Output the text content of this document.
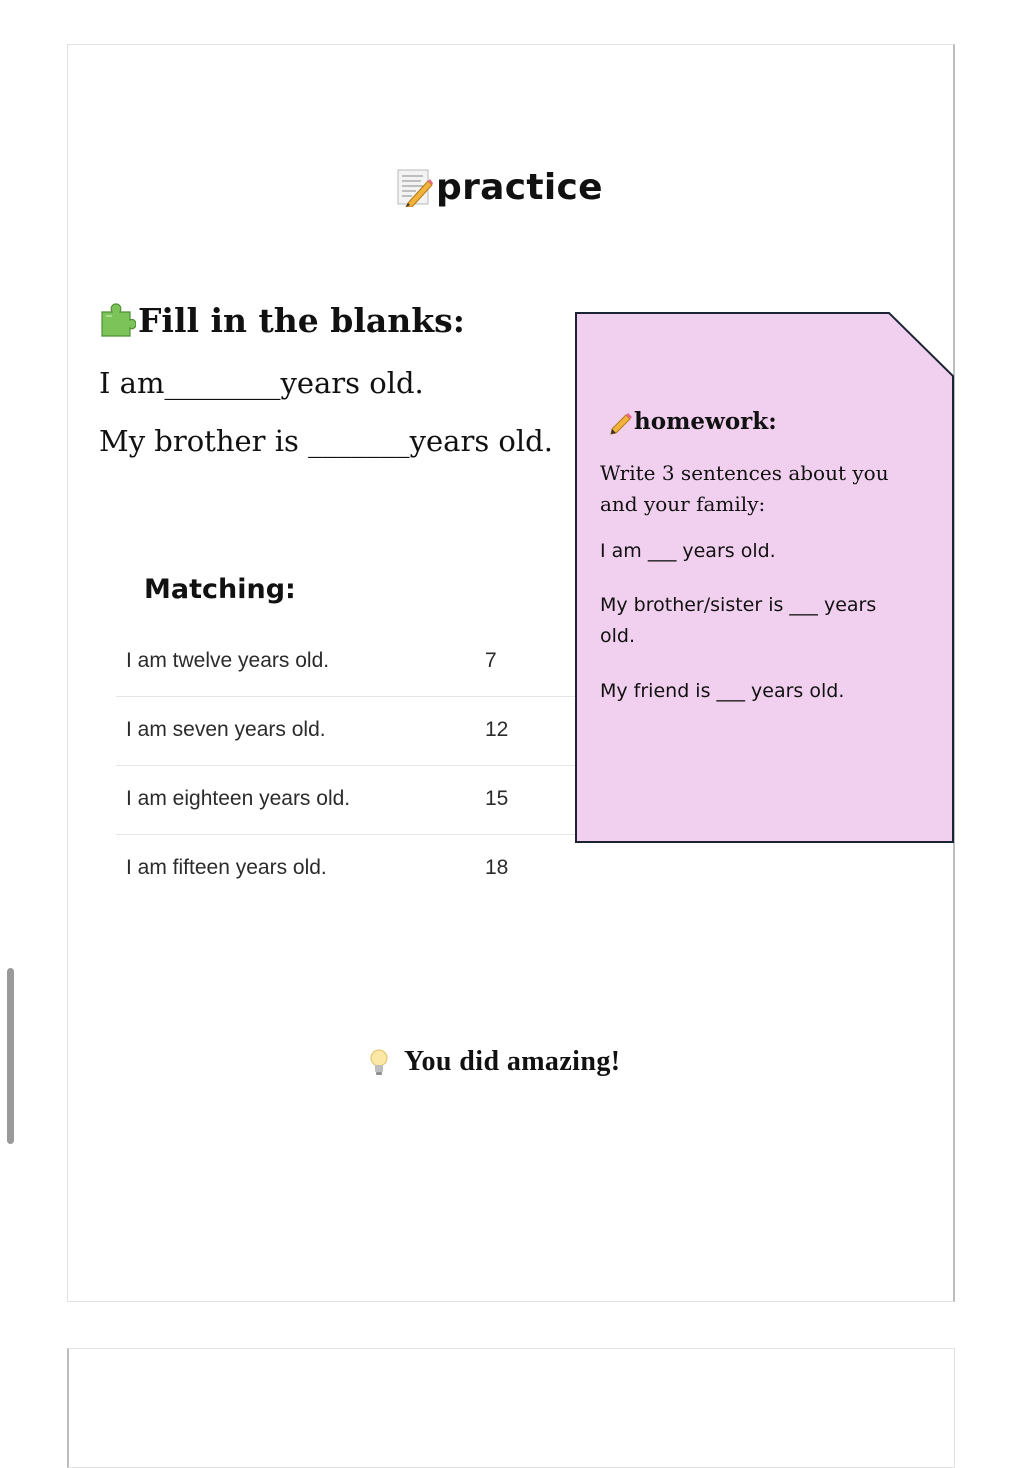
practice
Fill in the blanks:
I am________years old.
My brother is _______years old.
Matching:
I am twelve years old.	7
I am seven years old.	12
I am eighteen years old.	15
I am fifteen years old.	18
homework:
Write 3 sentences about you and your family:
I am ___ years old.
My brother/sister is ___ years old.
My friend is ___ years old.
You did amazing!
